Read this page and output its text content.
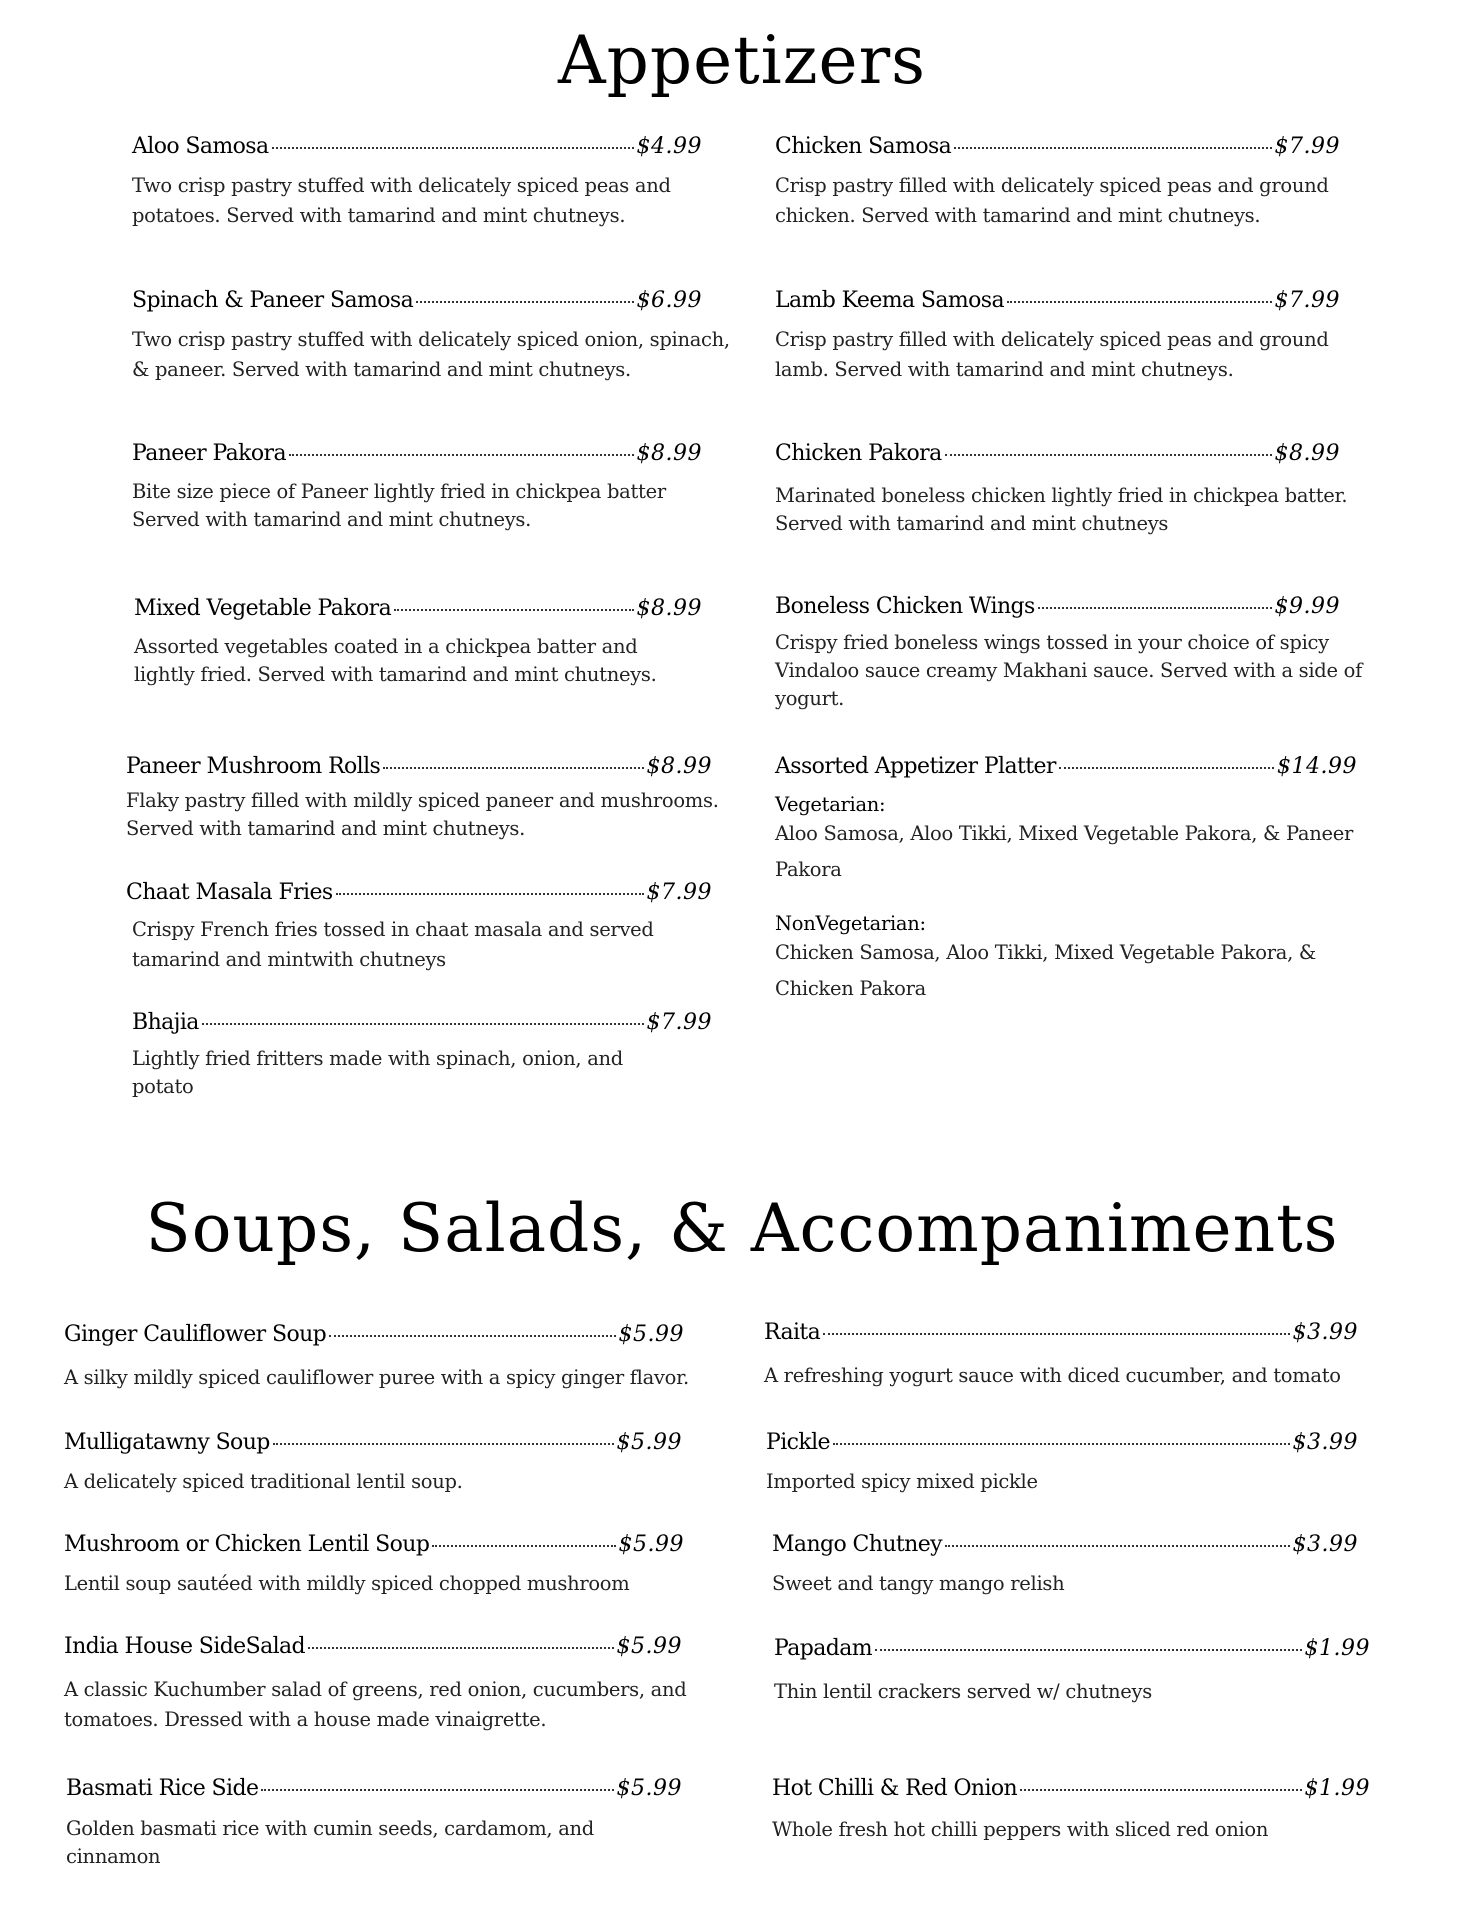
Appetizers
Aloo Samosa	$4.99
Two crisp pastry stuffed with delicately spiced peas and potatoes. Served with tamarind and mint chutneys.
Spinach & Paneer Samosa	$6.99
Two crisp pastry stuffed with delicately spiced onion, spinach, & paneer. Served with tamarind and mint chutneys.
Paneer Pakora	$8.99
Bite size piece of Paneer lightly fried in chickpea batter Served with tamarind and mint chutneys.
Mixed Vegetable Pakora	$8.99
Assorted vegetables coated in a chickpea batter and lightly fried. Served with tamarind and mint chutneys.
Paneer Mushroom Rolls	$8.99
Flaky pastry filled with mildly spiced paneer and mushrooms. Served with tamarind and mint chutneys.
Chaat Masala Fries	$7.99
Crispy French fries tossed in chaat masala and served tamarind and mintwith chutneys
Bhajia	$7.99
Lightly fried fritters made with spinach, onion, and potato
Chicken Samosa	$7.99
Crisp pastry filled with delicately spiced peas and ground chicken. Served with tamarind and mint chutneys.
Lamb Keema Samosa	$7.99
Crisp pastry filled with delicately spiced peas and ground lamb. Served with tamarind and mint chutneys.
Chicken Pakora	$8.99
Marinated boneless chicken lightly fried in chickpea batter. Served with tamarind and mint chutneys
Boneless Chicken Wings	$9.99
Crispy fried boneless wings tossed in your choice of spicy Vindaloo sauce creamy Makhani sauce. Served with a side of yogurt.
Assorted Appetizer Platter	$14.99
Vegetarian:
Aloo Samosa, Aloo Tikki, Mixed Vegetable Pakora, & Paneer Pakora
NonVegetarian:
Chicken Samosa, Aloo Tikki, Mixed Vegetable Pakora, & Chicken Pakora
Soups, Salads, & Accompaniments
Ginger Cauliflower Soup	$5.99
A silky mildly spiced cauliflower puree with a spicy ginger flavor.
Mulligatawny Soup	$5.99
A delicately spiced traditional lentil soup.
Mushroom or Chicken Lentil Soup	$5.99
Lentil soup sautéed with mildly spiced chopped mushroom
India House SideSalad	$5.99
A classic Kuchumber salad of greens, red onion, cucumbers, and tomatoes. Dressed with a house made vinaigrette.
Basmati Rice Side	$5.99
Golden basmati rice with cumin seeds, cardamom, and cinnamon
Raita	$3.99
A refreshing yogurt sauce with diced cucumber, and tomato
Pickle	$3.99
Imported spicy mixed pickle
Mango Chutney	$3.99
Sweet and tangy mango relish
Papadam	$1.99
Thin lentil crackers served w/ chutneys
Hot Chilli & Red Onion	$1.99
Whole fresh hot chilli peppers with sliced red onion
